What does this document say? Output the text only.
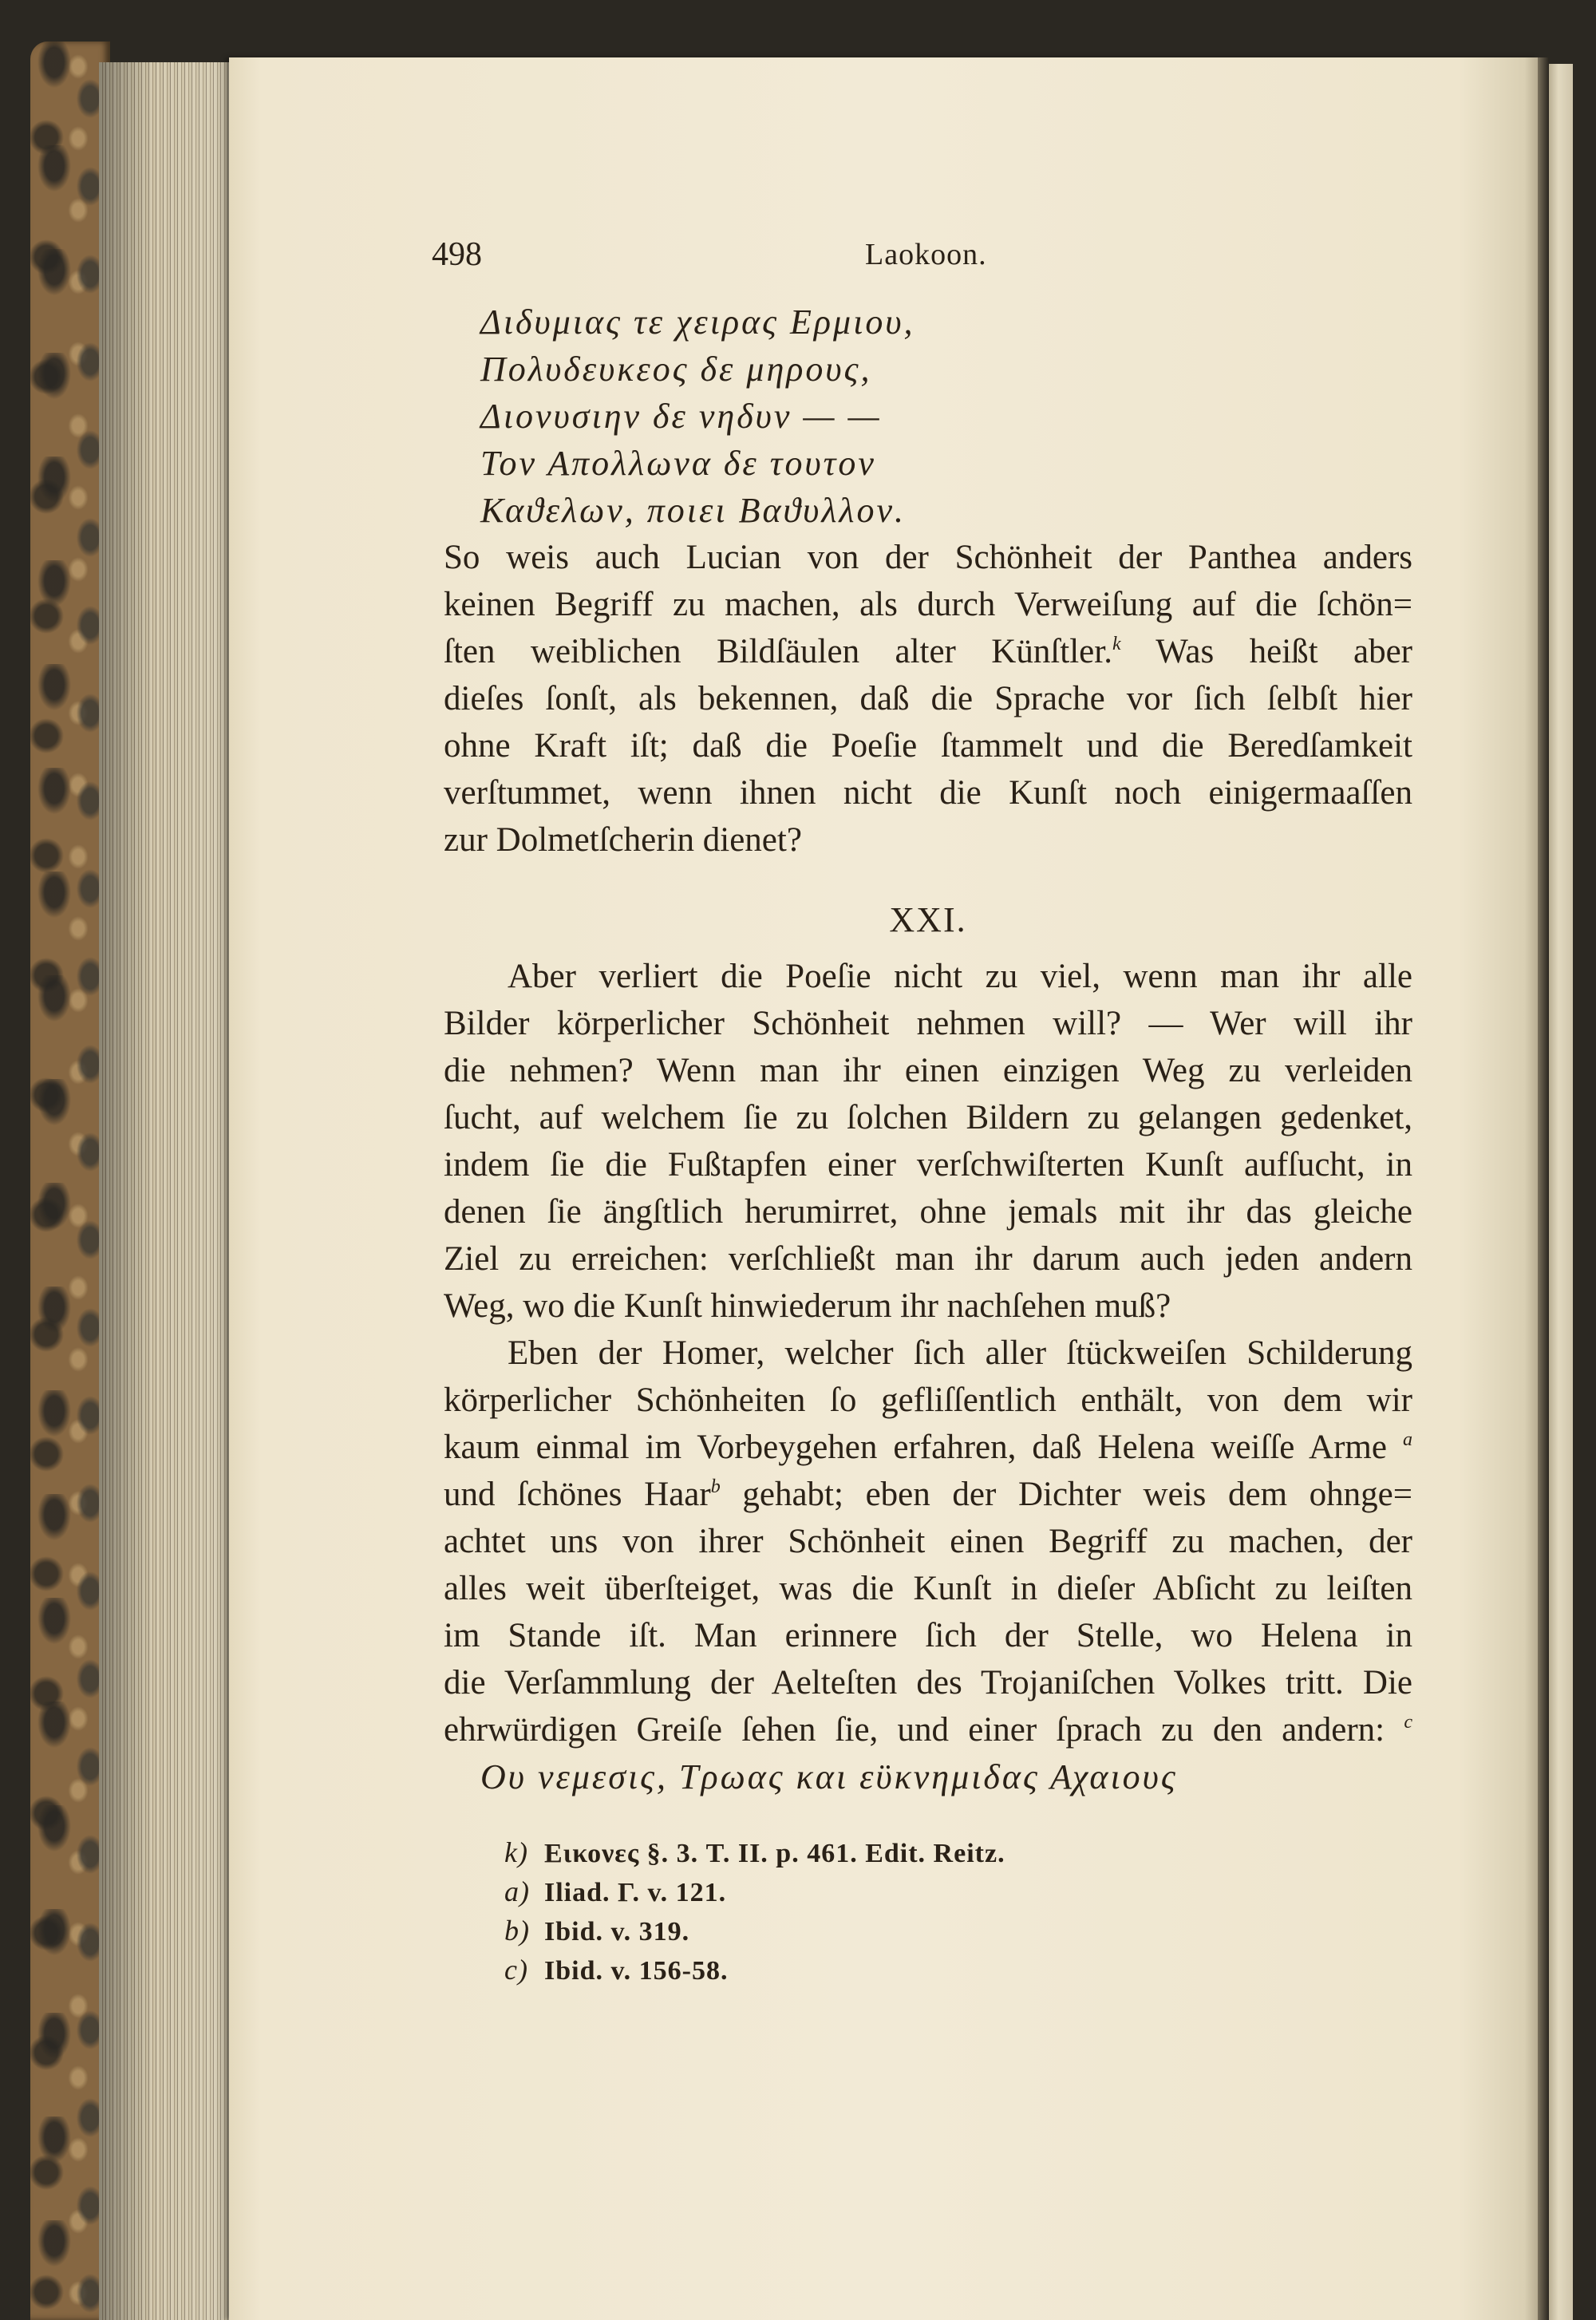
498	Laokoon.
Διδυμιας τε χειρας Ερμιου,
Πολυδευκεος δε μηρους,
Διονυσιην δε νηδυν — —
Τον Απολλωνα δε τουτον
Καϑελων, ποιει Βαϑυλλον.
So weis auch Lucian von der Schönheit der Panthea anders
keinen Begriff zu machen, als durch Verweiſung auf die ſchön=
ſten weiblichen Bildſäulen alter Künſtler.$^k$ Was heißt aber
dieſes ſonſt, als bekennen, daß die Sprache vor ſich ſelbſt hier
ohne Kraft iſt; daß die Poeſie ſtammelt und die Beredſamkeit
verſtummet, wenn ihnen nicht die Kunſt noch einigermaaſſen
zur Dolmetſcherin dienet?
XXI.
Aber verliert die Poeſie nicht zu viel, wenn man ihr alle
Bilder körperlicher Schönheit nehmen will? — Wer will ihr
die nehmen? Wenn man ihr einen einzigen Weg zu verleiden
ſucht, auf welchem ſie zu ſolchen Bildern zu gelangen gedenket,
indem ſie die Fußtapfen einer verſchwiſterten Kunſt aufſucht, in
denen ſie ängſtlich herumirret, ohne jemals mit ihr das gleiche
Ziel zu erreichen: verſchließt man ihr darum auch jeden andern
Weg, wo die Kunſt hinwiederum ihr nachſehen muß?
Eben der Homer, welcher ſich aller ſtückweiſen Schilderung
körperlicher Schönheiten ſo gefliſſentlich enthält, von dem wir
kaum einmal im Vorbeygehen erfahren, daß Helena weiſſe Arme $^a$
und ſchönes Haar$^b$ gehabt; eben der Dichter weis dem ohnge=
achtet uns von ihrer Schönheit einen Begriff zu machen, der
alles weit überſteiget, was die Kunſt in dieſer Abſicht zu leiſten
im Stande iſt. Man erinnere ſich der Stelle, wo Helena in
die Verſammlung der Aelteſten des Trojaniſchen Volkes tritt. Die
ehrwürdigen Greiſe ſehen ſie, und einer ſprach zu den andern: $^c$
Ου νεμεσις, Τρωας και εϋκνημιδας Αχαιους
k) Εικονες §. 3. T. II. p. 461. Edit. Reitz.
a) Iliad. Γ. v. 121.
b) Ibid. v. 319.
c) Ibid. v. 156-58.
